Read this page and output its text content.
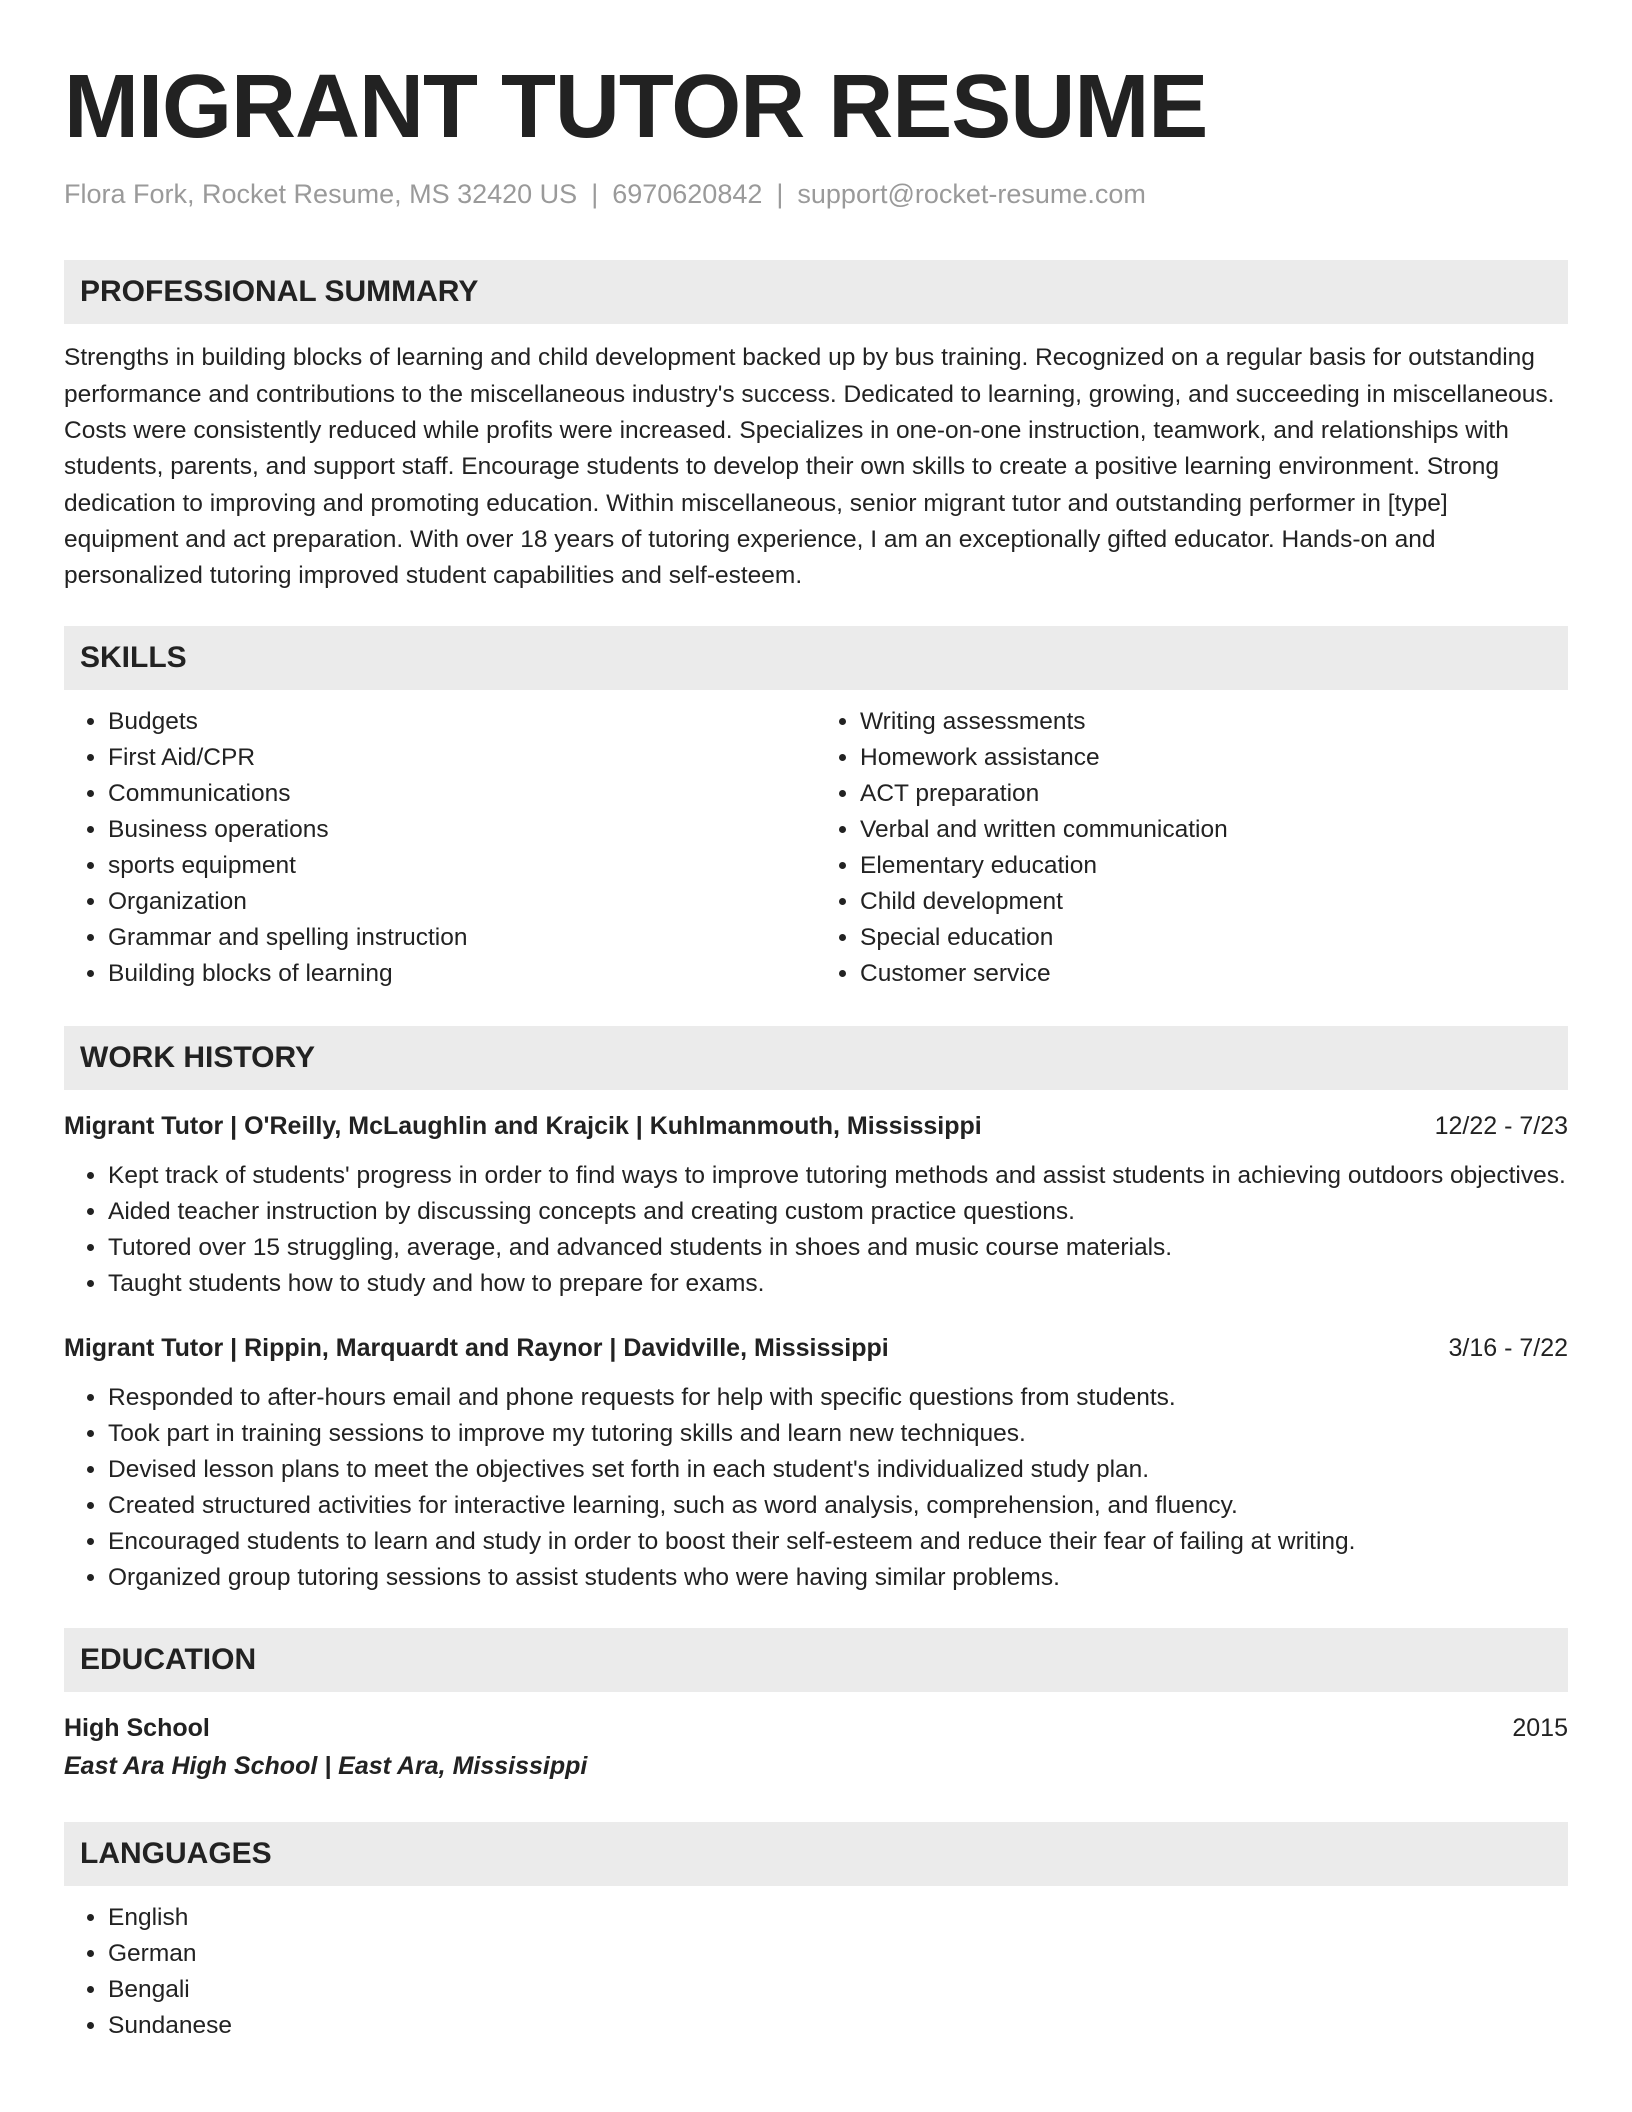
MIGRANT TUTOR RESUME
Flora Fork, Rocket Resume, MS 32420 US | 6970620842 | support@rocket-resume.com
PROFESSIONAL SUMMARY
Strengths in building blocks of learning and child development backed up by bus training. Recognized on a regular basis for outstanding performance and contributions to the miscellaneous industry's success. Dedicated to learning, growing, and succeeding in miscellaneous. Costs were consistently reduced while profits were increased. Specializes in one-on-one instruction, teamwork, and relationships with students, parents, and support staff. Encourage students to develop their own skills to create a positive learning environment. Strong dedication to improving and promoting education. Within miscellaneous, senior migrant tutor and outstanding performer in [type] equipment and act preparation. With over 18 years of tutoring experience, I am an exceptionally gifted educator. Hands-on and personalized tutoring improved student capabilities and self-esteem.
SKILLS
• Budgets
• First Aid/CPR
• Communications
• Business operations
• sports equipment
• Organization
• Grammar and spelling instruction
• Building blocks of learning
• Writing assessments
• Homework assistance
• ACT preparation
• Verbal and written communication
• Elementary education
• Child development
• Special education
• Customer service
WORK HISTORY
Migrant Tutor | O'Reilly, McLaughlin and Krajcik | Kuhlmanmouth, Mississippi	12/22 - 7/23
• Kept track of students' progress in order to find ways to improve tutoring methods and assist students in achieving outdoors objectives.
• Aided teacher instruction by discussing concepts and creating custom practice questions.
• Tutored over 15 struggling, average, and advanced students in shoes and music course materials.
• Taught students how to study and how to prepare for exams.
Migrant Tutor | Rippin, Marquardt and Raynor | Davidville, Mississippi	3/16 - 7/22
• Responded to after-hours email and phone requests for help with specific questions from students.
• Took part in training sessions to improve my tutoring skills and learn new techniques.
• Devised lesson plans to meet the objectives set forth in each student's individualized study plan.
• Created structured activities for interactive learning, such as word analysis, comprehension, and fluency.
• Encouraged students to learn and study in order to boost their self-esteem and reduce their fear of failing at writing.
• Organized group tutoring sessions to assist students who were having similar problems.
EDUCATION
High School	2015
East Ara High School | East Ara, Mississippi
LANGUAGES
• English
• German
• Bengali
• Sundanese
